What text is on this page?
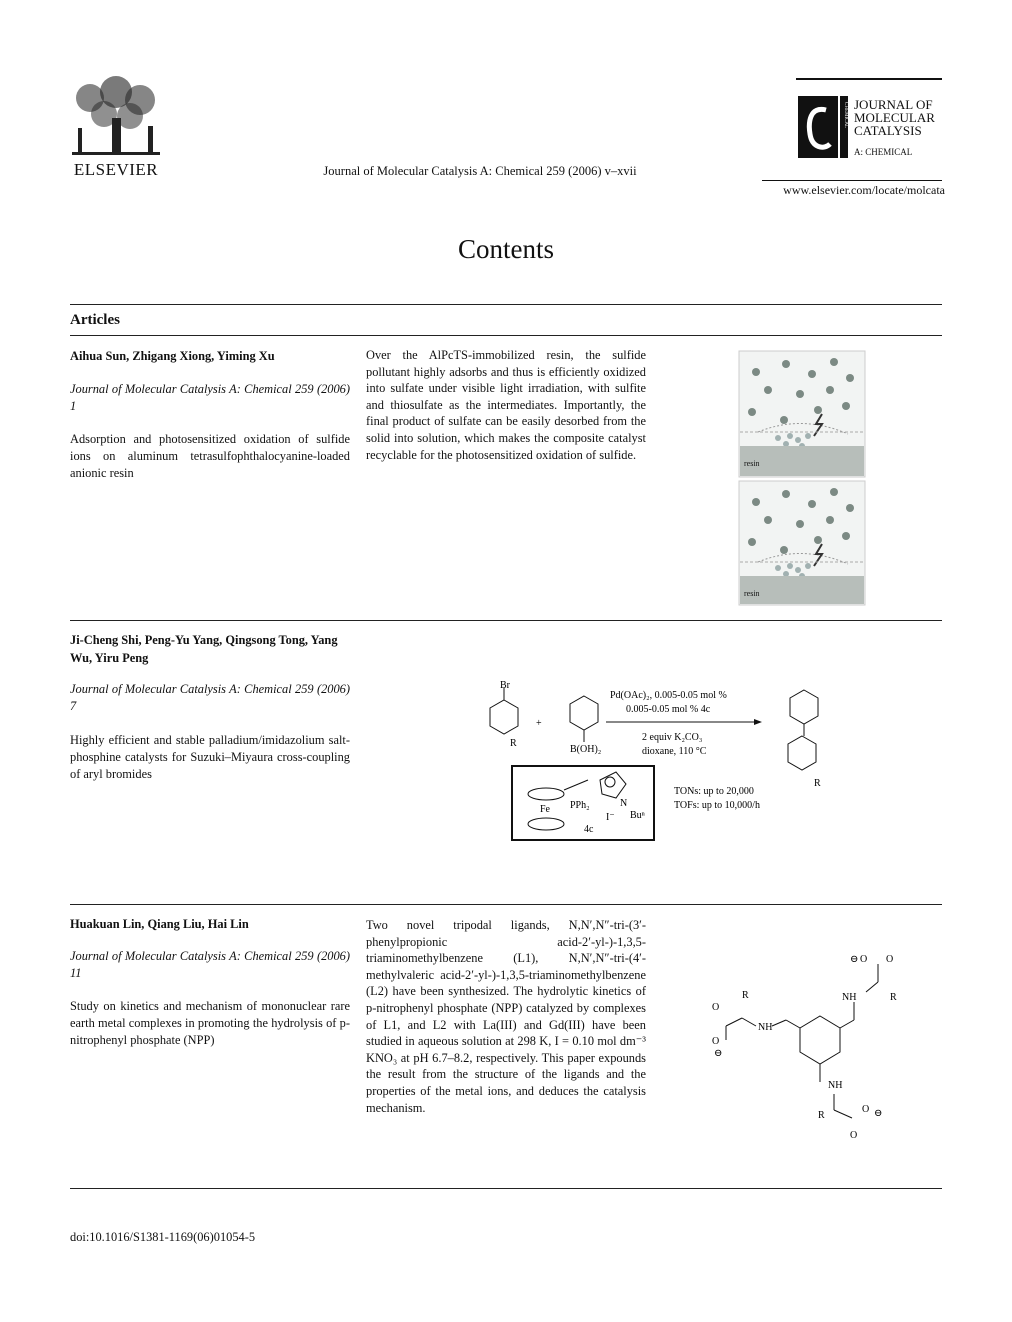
ELSEVIER	Journal of Molecular Catalysis A: Chemical 259 (2006) v–xvii
CHEMICAL JOURNAL OF
MOLECULAR
CATALYSIS
A: CHEMICAL
www.elsevier.com/locate/molcata
Contents
Articles
Aihua Sun, Zhigang Xiong, Yiming Xu
Journal of Molecular Catalysis A: Chemical 259 (2006) 1
Adsorption and photosensitized oxidation of sulfide ions on aluminum tetrasulfophthalocyanine-loaded anionic resin
Over the AlPcTS-immobilized resin, the sulfide pollutant highly adsorbs and thus is efficiently oxidized into sulfate under visible light irradiation, with sulfite and thiosulfate as the intermediates. Importantly, the final product of sulfate can be easily desorbed from the solid into solution, which makes the composite catalyst recyclable for the photosensitized oxidation of sulfide.
resin
resin
Ji-Cheng Shi, Peng-Yu Yang, Qingsong Tong, Yang Wu, Yiru Peng
Journal of Molecular Catalysis A: Chemical 259 (2006) 7
Highly efficient and stable palladium/imidazolium salt-phosphine catalysts for Suzuki–Miyaura cross-coupling of aryl bromides
Br
R
+
B(OH)₂
Pd(OAc)₂, 0.005-0.05 mol %
0.005-0.05 mol % 4c
2 equiv K₂CO₃
dioxane, 110 °C
R
Fe PPh₂	N
I⁻ Buⁿ
4c
TONs: up to 20,000
TOFs: up to 10,000/h
Huakuan Lin, Qiang Liu, Hai Lin
Journal of Molecular Catalysis A: Chemical 259 (2006) 11
Study on kinetics and mechanism of mononuclear rare earth metal complexes in promoting the hydrolysis of p-nitrophenyl phosphate (NPP)
Two novel tripodal ligands, N,N′,N″-tri-(3′-phenylpropionic acid-2′-yl-)-1,3,5-triaminomethylbenzene (L1), N,N′,N″-tri-(4′-methylvaleric acid-2′-yl-)-1,3,5-triaminomethylbenzene (L2) have been synthesized. The hydrolytic kinetics of p-nitrophenyl phosphate (NPP) catalyzed by complexes of L1, and L2 with La(III) and Gd(III) have been studied in aqueous solution at 298 K, I = 0.10 mol dm⁻³ KNO₃ at pH 6.7–8.2, respectively. This paper expounds the result from the structure of the ligands and the properties of the metal ions, and deduces the catalysis mechanism.
NH
R
O
O
⊖
NH	R
⊖ O O
NH
R
O ⊖
O
doi:10.1016/S1381-1169(06)01054-5
